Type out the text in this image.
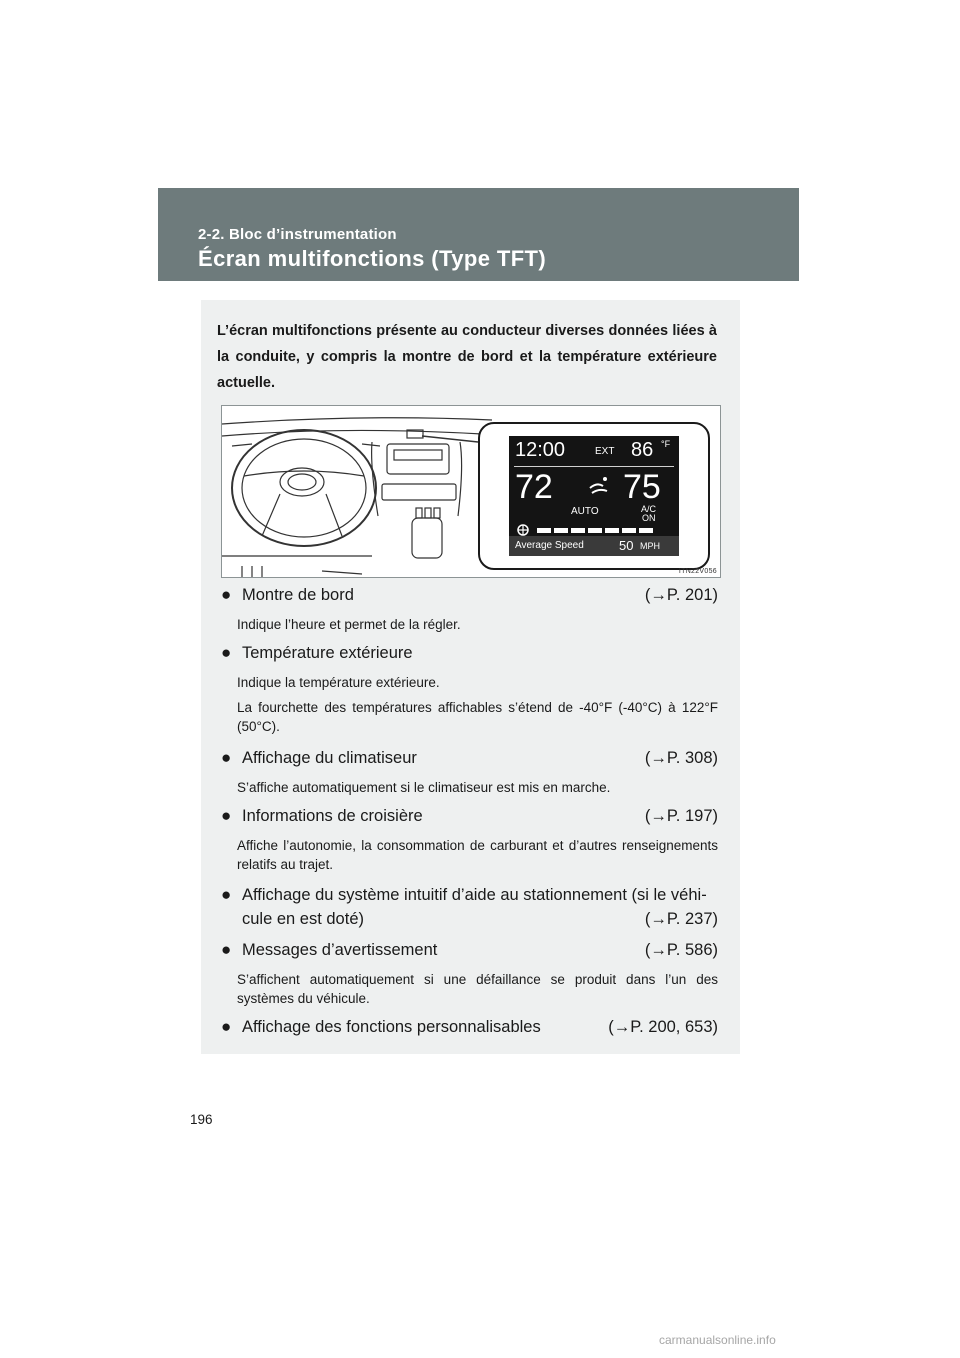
2-2. Bloc d’instrumentation
Écran multifonctions (Type TFT)
L’écran multifonctions présente au conducteur diverses données liées à la conduite, y compris la montre de bord et la température extérieure actuelle.
12:00	EXT 86 °F
72 75
AUTO	A/C
ON
Average Speed	50 MPH
ITN22V056
● Montre de bord	(→P. 201)
Indique l’heure et permet de la régler.
● Température extérieure
Indique la température extérieure.
La fourchette des températures affichables s’étend de -40°F (-40°C) à 122°F (50°C).
● Affichage du climatiseur	(→P. 308)
S’affiche automatiquement si le climatiseur est mis en marche.
● Informations de croisière	(→P. 197)
Affiche l’autonomie, la consommation de carburant et d’autres renseignements relatifs au trajet.
● Affichage du système intuitif d’aide au stationnement (si le véhi-
cule en est doté)	(→P. 237)
● Messages d’avertissement	(→P. 586)
S’affichent automatiquement si une défaillance se produit dans l’un des systèmes du véhicule.
● Affichage des fonctions personnalisables	(→P. 200, 653)
196
carmanualsonline.info
